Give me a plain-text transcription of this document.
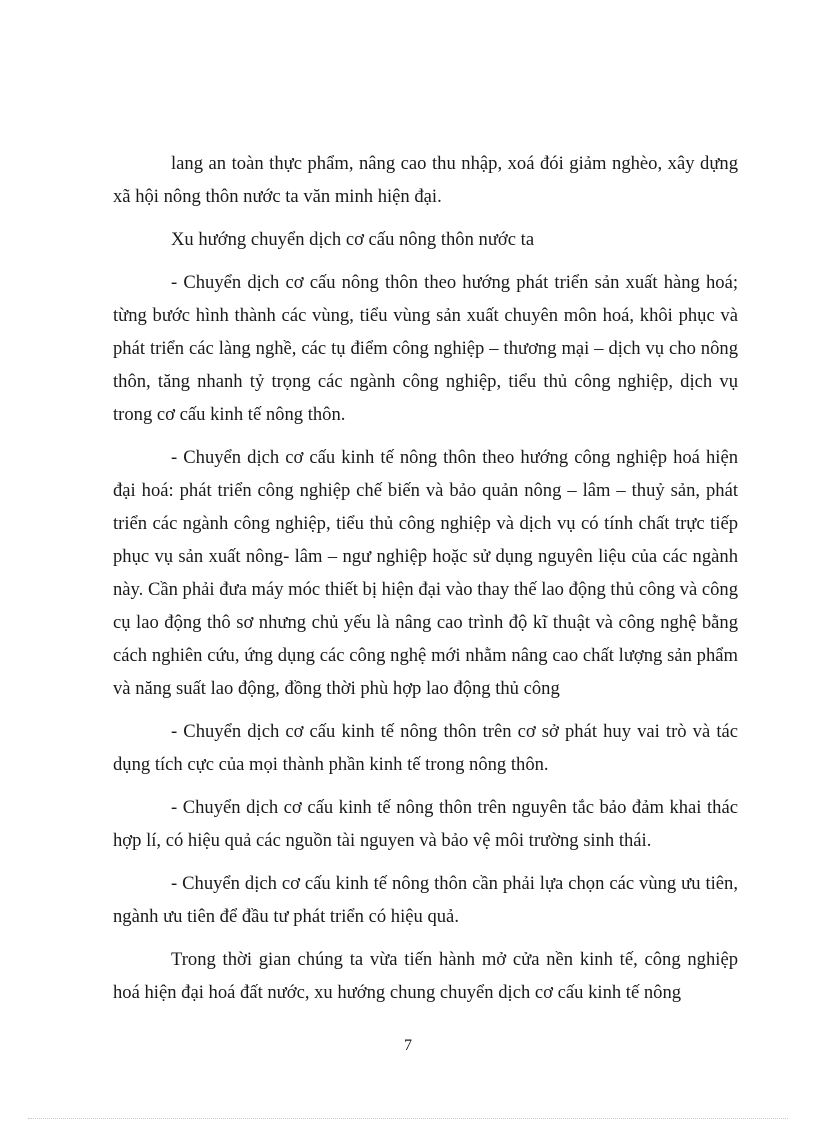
lang an toàn thực phẩm, nâng cao thu nhập, xoá đói giảm nghèo, xây dựng xã hội nông thôn nước ta văn minh hiện đại.

Xu hướng chuyển dịch cơ cấu nông thôn nước ta

- Chuyển dịch cơ cấu nông thôn theo hướng phát triển sản xuất hàng hoá; từng bước hình thành các vùng, tiểu vùng sản xuất chuyên môn hoá, khôi phục và phát triển các làng nghề, các tụ điểm công nghiệp – thương mại – dịch vụ cho nông thôn, tăng nhanh tỷ trọng các ngành công nghiệp, tiểu thủ công nghiệp, dịch vụ trong cơ cấu kinh tế nông thôn.

- Chuyển dịch cơ cấu kinh tế nông thôn theo hướng công nghiệp hoá hiện đại hoá: phát triển công nghiệp chế biến và bảo quản nông – lâm – thuỷ sản, phát triển các ngành công nghiệp, tiểu thủ công nghiệp và dịch vụ có tính chất trực tiếp phục vụ sản xuất nông- lâm – ngư nghiệp hoặc sử dụng nguyên liệu của các ngành này. Cần phải đưa máy móc thiết bị hiện đại vào thay thế lao động thủ công và công cụ lao động thô sơ nhưng chủ yếu là nâng cao trình độ kĩ thuật và công nghệ bằng cách nghiên cứu, ứng dụng các công nghệ mới nhằm nâng cao chất lượng sản phẩm và năng suất lao động, đồng thời phù hợp lao động thủ công

- Chuyển dịch cơ cấu kinh tế nông thôn trên cơ sở phát huy vai trò và tác dụng tích cực của mọi thành phần kinh tế trong nông thôn.

- Chuyển dịch cơ cấu kinh tế nông thôn trên nguyên tắc bảo đảm khai thác hợp lí, có hiệu quả các nguồn tài nguyen và bảo vệ môi trường sinh thái.

- Chuyển dịch cơ cấu kinh tế nông thôn cần phải lựa chọn các vùng ưu tiên, ngành ưu tiên để đầu tư phát triển có hiệu quả.

Trong thời gian chúng ta vừa tiến hành mở cửa nền kinh tế, công nghiệp hoá hiện đại hoá đất nước, xu hướng chung chuyển dịch cơ cấu kinh tế nông

7
